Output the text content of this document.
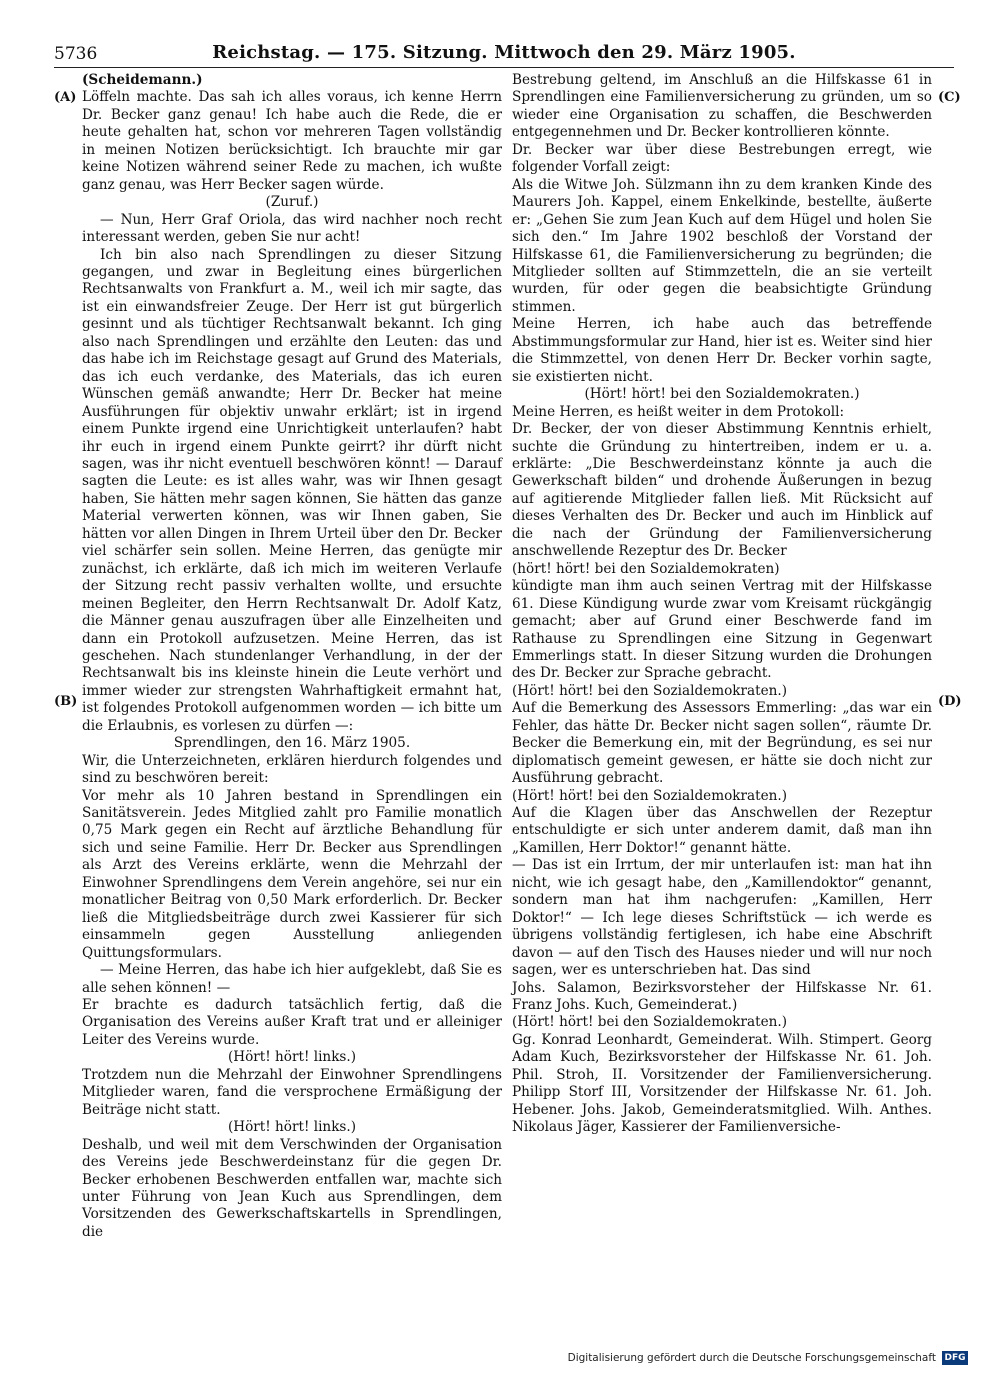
5736	Reichstag. — 175. Sitzung. Mittwoch den 29. März 1905.
(A)
(B)
(C)
(D)

(Scheidemann.)

Löffeln machte. Das sah ich alles voraus, ich kenne Herrn Dr. Becker ganz genau! Ich habe auch die Rede, die er heute gehalten hat, schon vor mehreren Tagen vollständig in meinen Notizen berücksichtigt. Ich brauchte mir gar keine Notizen während seiner Rede zu machen, ich wußte ganz genau, was Herr Becker sagen würde.

(Zuruf.)

— Nun, Herr Graf Oriola, das wird nachher noch recht interessant werden, geben Sie nur acht!

Ich bin also nach Sprendlingen zu dieser Sitzung gegangen, und zwar in Begleitung eines bürgerlichen Rechtsanwalts von Frankfurt a. M., weil ich mir sagte, das ist ein einwandsfreier Zeuge. Der Herr ist gut bürgerlich gesinnt und als tüchtiger Rechtsanwalt bekannt. Ich ging also nach Sprendlingen und erzählte den Leuten: das und das habe ich im Reichstage gesagt auf Grund des Materials, das ich euch verdanke, des Materials, das ich euren Wünschen gemäß anwandte; Herr Dr. Becker hat meine Ausführungen für objektiv unwahr erklärt; ist in irgend einem Punkte irgend eine Unrichtigkeit unterlaufen? habt ihr euch in irgend einem Punkte geirrt? ihr dürft nicht sagen, was ihr nicht eventuell beschwören könnt! — Darauf sagten die Leute: es ist alles wahr, was wir Ihnen gesagt haben, Sie hätten mehr sagen können, Sie hätten das ganze Material verwerten können, was wir Ihnen gaben, Sie hätten vor allen Dingen in Ihrem Urteil über den Dr. Becker viel schärfer sein sollen. Meine Herren, das genügte mir zunächst, ich erklärte, daß ich mich im weiteren Verlaufe der Sitzung recht passiv verhalten wollte, und ersuchte meinen Begleiter, den Herrn Rechtsanwalt Dr. Adolf Katz, die Männer genau auszufragen über alle Einzelheiten und dann ein Protokoll aufzusetzen. Meine Herren, das ist geschehen. Nach stundenlanger Verhandlung, in der der Rechtsanwalt bis ins kleinste hinein die Leute verhört und immer wieder zur strengsten Wahrhaftigkeit ermahnt hat, ist folgendes Protokoll aufgenommen worden — ich bitte um die Erlaubnis, es vorlesen zu dürfen —:

Sprendlingen, den 16. März 1905.

Wir, die Unterzeichneten, erklären hierdurch folgendes und sind zu beschwören bereit:

Vor mehr als 10 Jahren bestand in Sprendlingen ein Sanitätsverein. Jedes Mitglied zahlt pro Familie monatlich 0,75 Mark gegen ein Recht auf ärztliche Behandlung für sich und seine Familie. Herr Dr. Becker aus Sprendlingen als Arzt des Vereins erklärte, wenn die Mehrzahl der Einwohner Sprendlingens dem Verein angehöre, sei nur ein monatlicher Beitrag von 0,50 Mark erforderlich. Dr. Becker ließ die Mitgliedsbeiträge durch zwei Kassierer für sich einsammeln gegen Ausstellung anliegenden Quittungsformulars.

— Meine Herren, das habe ich hier aufgeklebt, daß Sie es alle sehen können! —

Er brachte es dadurch tatsächlich fertig, daß die Organisation des Vereins außer Kraft trat und er alleiniger Leiter des Vereins wurde.

(Hört! hört! links.)

Trotzdem nun die Mehrzahl der Einwohner Sprendlingens Mitglieder waren, fand die versprochene Ermäßigung der Beiträge nicht statt.

(Hört! hört! links.)

Deshalb, und weil mit dem Verschwinden der Organisation des Vereins jede Beschwerdeinstanz für die gegen Dr. Becker erhobenen Beschwerden entfallen war, machte sich unter Führung von Jean Kuch aus Sprendlingen, dem Vorsitzenden des Gewerkschaftskartells in Sprendlingen, die

Bestrebung geltend, im Anschluß an die Hilfskasse 61 in Sprendlingen eine Familienversicherung zu gründen, um so wieder eine Organisation zu schaffen, die Beschwerden entgegennehmen und Dr. Becker kontrollieren könnte.

Dr. Becker war über diese Bestrebungen erregt, wie folgender Vorfall zeigt:

Als die Witwe Joh. Sülzmann ihn zu dem kranken Kinde des Maurers Joh. Kappel, einem Enkelkinde, bestellte, äußerte er: „Gehen Sie zum Jean Kuch auf dem Hügel und holen Sie sich den.“ Im Jahre 1902 beschloß der Vorstand der Hilfskasse 61, die Familienversicherung zu begründen; die Mitglieder sollten auf Stimmzetteln, die an sie verteilt wurden, für oder gegen die beabsichtigte Gründung stimmen.

Meine Herren, ich habe auch das betreffende Abstimmungsformular zur Hand, hier ist es. Weiter sind hier die Stimmzettel, von denen Herr Dr. Becker vorhin sagte, sie existierten nicht.

(Hört! hört! bei den Sozialdemokraten.)

Meine Herren, es heißt weiter in dem Protokoll:

Dr. Becker, der von dieser Abstimmung Kenntnis erhielt, suchte die Gründung zu hintertreiben, indem er u. a. erklärte: „Die Beschwerdeinstanz könnte ja auch die Gewerkschaft bilden“ und drohende Äußerungen in bezug auf agitierende Mitglieder fallen ließ. Mit Rücksicht auf dieses Verhalten des Dr. Becker und auch im Hinblick auf die nach der Gründung der Familienversicherung anschwellende Rezeptur des Dr. Becker

(hört! hört! bei den Sozialdemokraten)

kündigte man ihm auch seinen Vertrag mit der Hilfskasse 61. Diese Kündigung wurde zwar vom Kreisamt rückgängig gemacht; aber auf Grund einer Beschwerde fand im Rathause zu Sprendlingen eine Sitzung in Gegenwart Emmerlings statt. In dieser Sitzung wurden die Drohungen des Dr. Becker zur Sprache gebracht.

(Hört! hört! bei den Sozialdemokraten.)

Auf die Bemerkung des Assessors Emmerling: „das war ein Fehler, das hätte Dr. Becker nicht sagen sollen“, räumte Dr. Becker die Bemerkung ein, mit der Begründung, es sei nur diplomatisch gemeint gewesen, er hätte sie doch nicht zur Ausführung gebracht.

(Hört! hört! bei den Sozialdemokraten.)

Auf die Klagen über das Anschwellen der Rezeptur entschuldigte er sich unter anderem damit, daß man ihn „Kamillen, Herr Doktor!“ genannt hätte.

— Das ist ein Irrtum, der mir unterlaufen ist: man hat ihn nicht, wie ich gesagt habe, den „Kamillendoktor“ genannt, sondern man hat ihm nachgerufen: „Kamillen, Herr Doktor!“ — Ich lege dieses Schriftstück — ich werde es übrigens vollständig fertiglesen, ich habe eine Abschrift davon — auf den Tisch des Hauses nieder und will nur noch sagen, wer es unterschrieben hat. Das sind

Johs. Salamon, Bezirksvorsteher der Hilfskasse Nr. 61. Franz Johs. Kuch, Gemeinderat.)

(Hört! hört! bei den Sozialdemokraten.)

Gg. Konrad Leonhardt, Gemeinderat. Wilh. Stimpert. Georg Adam Kuch, Bezirksvorsteher der Hilfskasse Nr. 61. Joh. Phil. Stroh, II. Vorsitzender der Familienversicherung. Philipp Storf III, Vorsitzender der Hilfskasse Nr. 61. Joh. Hebener. Johs. Jakob, Gemeinderatsmitglied. Wilh. Anthes. Nikolaus Jäger, Kassierer der Familienversiche-

Digitalisierung gefördert durch die Deutsche Forschungsgemeinschaft DFG
